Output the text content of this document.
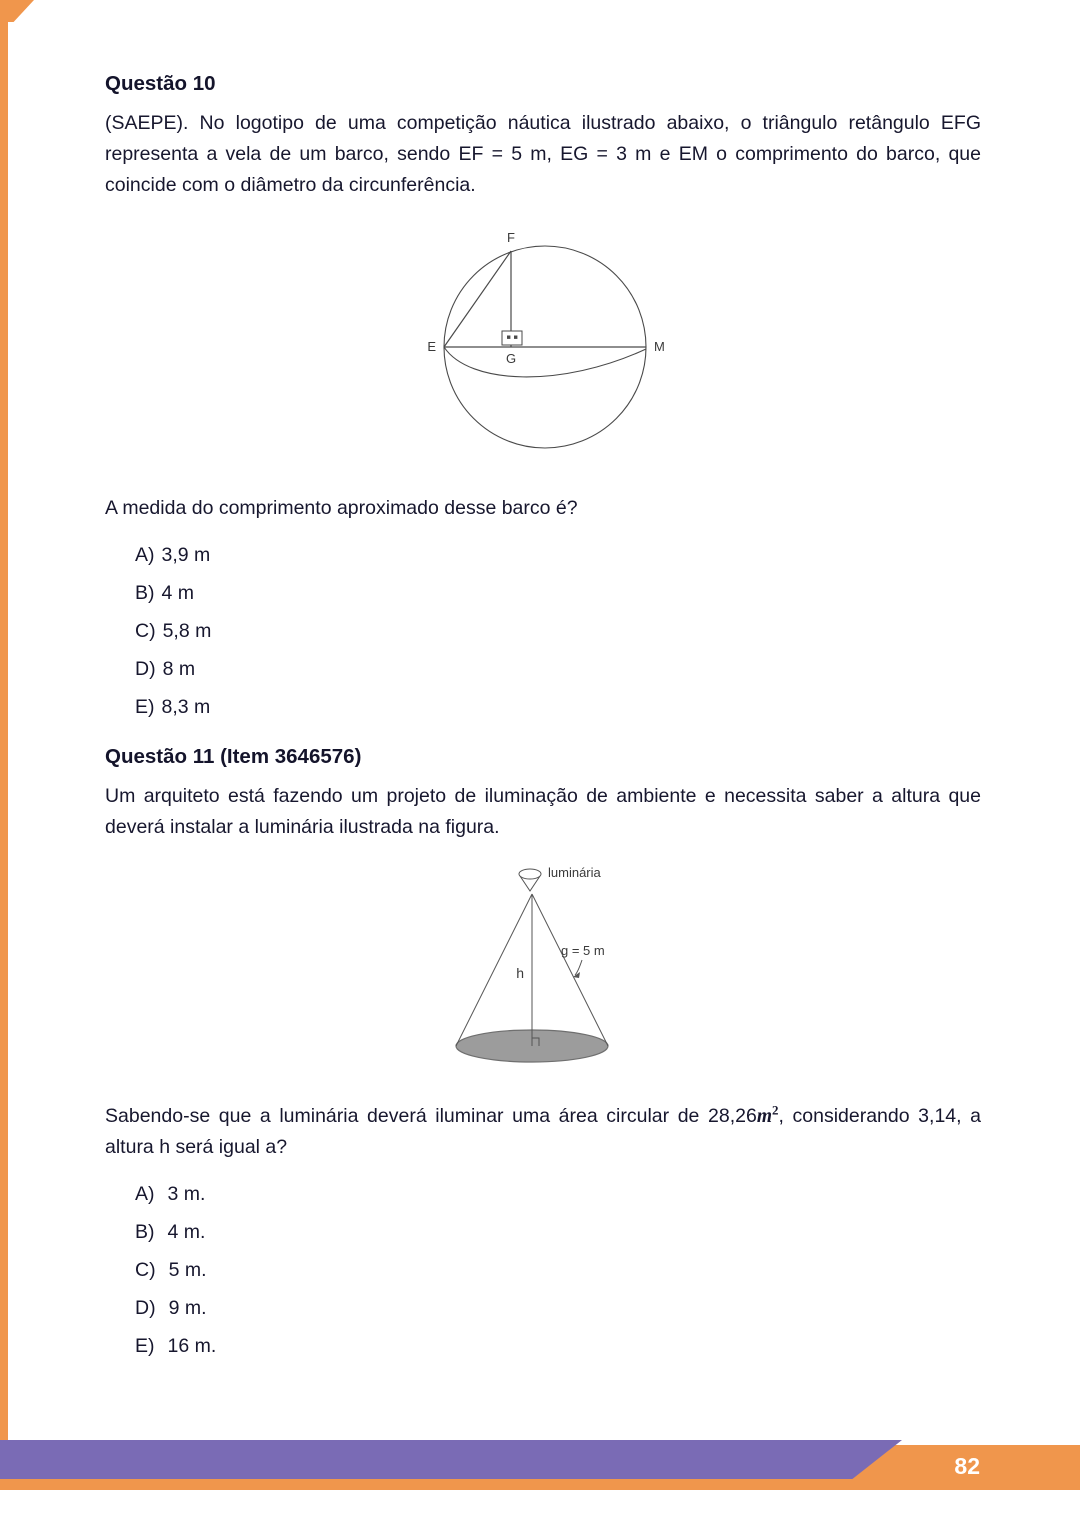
Questão 10

(SAEPE). No logotipo de uma competição náutica ilustrado abaixo, o triângulo retângulo EFG representa a vela de um barco, sendo EF = 5 m, EG = 3 m e EM o comprimento do barco, que coincide com o diâmetro da circunferência.

F
E	M
G

A medida do comprimento aproximado desse barco é?

A) 3,9 m
B) 4 m
C) 5,8 m
D) 8 m
E) 8,3 m
Questão 11 (Item 3646576)

Um arquiteto está fazendo um projeto de iluminação de ambiente e necessita saber a altura que deverá instalar a luminária ilustrada na figura.

luminária
h
g = 5 m

Sabendo-se que a luminária deverá iluminar uma área circular de $28,26m^2$, considerando 3,14, a altura h será igual a?

A) 3 m.
B) 4 m.
C) 5 m.
D) 9 m.
E) 16 m.
82
